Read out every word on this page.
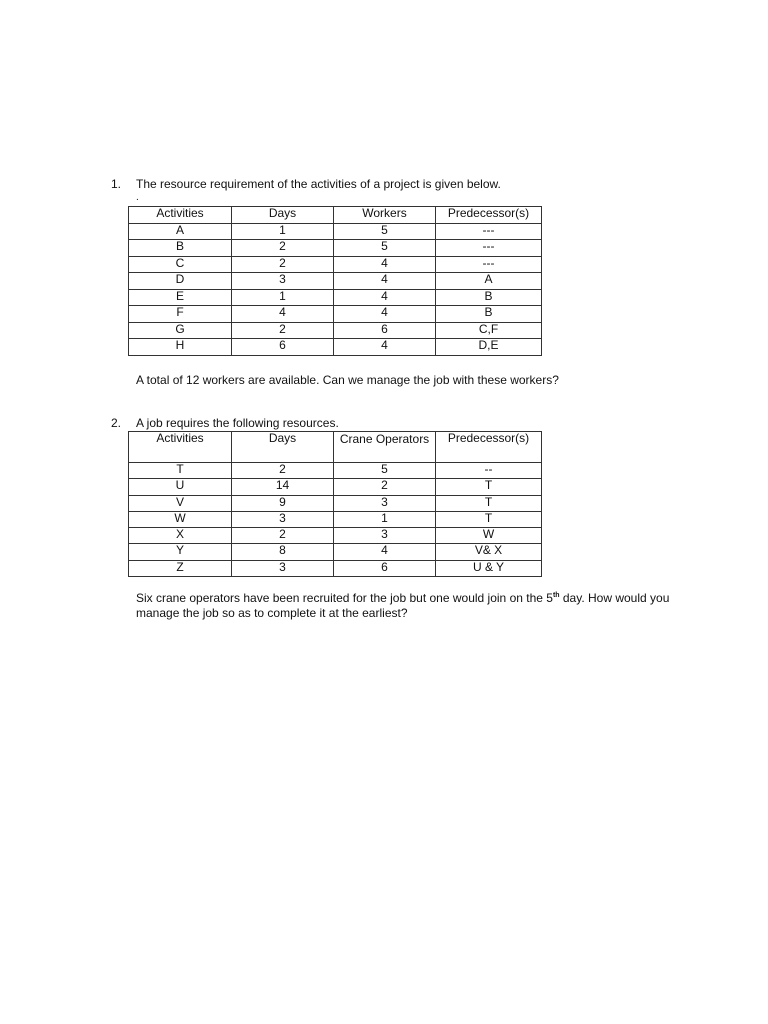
1. The resource requirement of the activities of a project is given below.
.
Activities	Days	Workers	Predecessor(s)
A	1	5	---
B	2	5	---
C	2	4	---
D	3	4	A
E	1	4	B
F	4	4	B
G	2	6	C,F
H	6	4	D,E
A total of 12 workers are available. Can we manage the job with these workers?
2. A job requires the following resources.
Activities	Days	Crane Operators	Predecessor(s)
T	2	5	--
U	14	2	T
V	9	3	T
W	3	1	T
X	2	3	W
Y	8	4	V& X
Z	3	6	U & Y
Six crane operators have been recruited for the job but one would join on the 5th day. How would you manage the job so as to complete it at the earliest?
